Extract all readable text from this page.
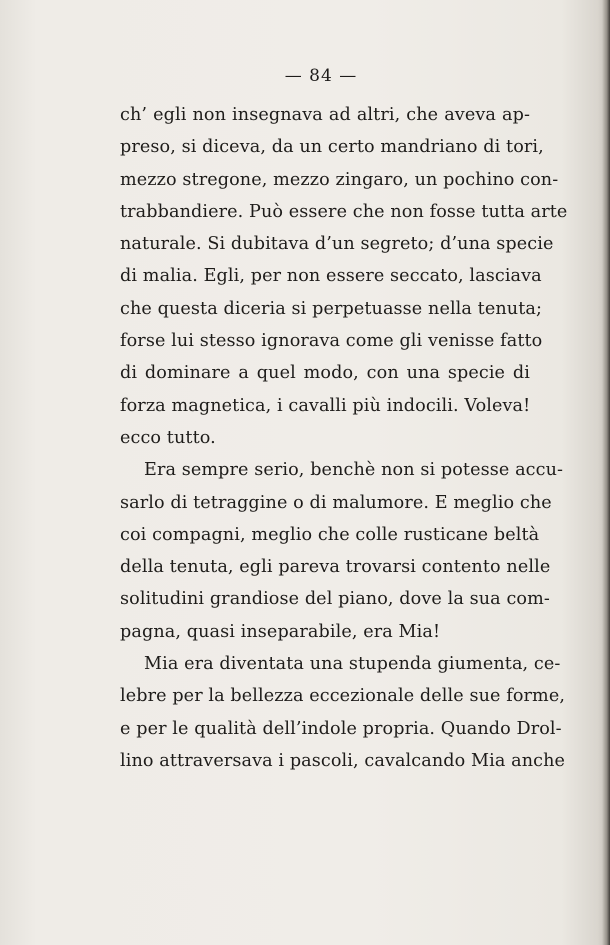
— 84 —
ch’ egli non insegnava ad altri, che aveva ap-
preso, si diceva, da un certo mandriano di tori,
mezzo stregone, mezzo zingaro, un pochino con-
trabbandiere. Può essere che non fosse tutta arte
naturale. Si dubitava d’un segreto; d’una specie
di malia. Egli, per non essere seccato, lasciava
che questa diceria si perpetuasse nella tenuta;
forse lui stesso ignorava come gli venisse fatto
di dominare a quel modo, con una specie di
forza magnetica, i cavalli più indocili. Voleva!
ecco tutto.
Era sempre serio, benchè non si potesse accu-
sarlo di tetraggine o di malumore. E meglio che
coi compagni, meglio che colle rusticane beltà
della tenuta, egli pareva trovarsi contento nelle
solitudini grandiose del piano, dove la sua com-
pagna, quasi inseparabile, era Mia!
Mia era diventata una stupenda giumenta, ce-
lebre per la bellezza eccezionale delle sue forme,
e per le qualità dell’indole propria. Quando Drol-
lino attraversava i pascoli, cavalcando Mia anche
